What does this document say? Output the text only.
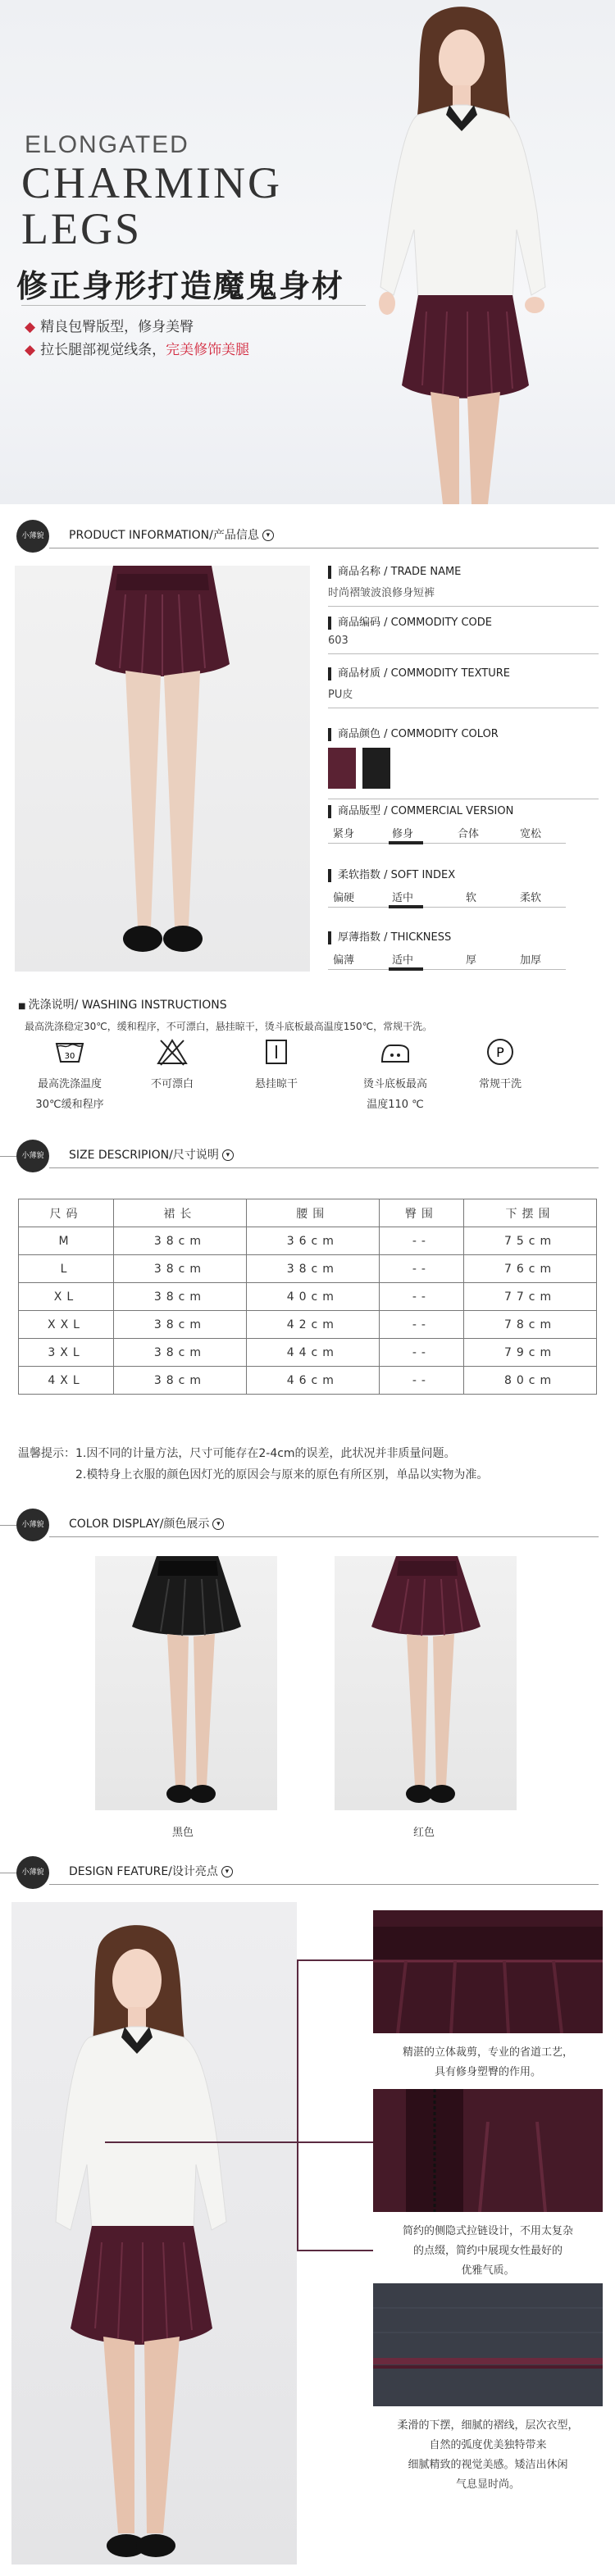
ELONGATED
CHARMING
LEGS
修正身形打造魔鬼身材
◆ 精良包臀版型，修身美臀
◆ 拉长腿部视觉线条，完美修饰美腿
小薄貌	PRODUCT INFORMATION/产品信息 ▾
商品名称 / TRADE NAME
时尚褶皱波浪修身短裤
商品编码 / COMMODITY CODE
603
商品材质 / COMMODITY TEXTURE
PU皮
商品颜色 / COMMODITY COLOR
商品版型 / COMMERCIAL VERSION
紧身	修身	合体	宽松
柔软指数 / SOFT INDEX
偏硬	适中	软	柔软
厚薄指数 / THICKNESS
偏薄	适中	厚	加厚
■ 洗涤说明/ WASHING INSTRUCTIONS
最高洗涤稳定30℃，缓和程序，不可漂白，悬挂晾干，烫斗底板最高温度150℃，常规干洗。
30
最高洗涤温度
30℃缓和程序
不可漂白	悬挂晾干	烫斗底板最高
温度110 ℃
P
常规干洗
小薄貌	SIZE DESCRIPION/尺寸说明 ▾
尺码	裙长	腰围	臀围	下摆围
M	38cm	36cm	--	75cm
L	38cm	38cm	--	76cm
XL	38cm	40cm	--	77cm
XXL	38cm	42cm	--	78cm
3XL	38cm	44cm	--	79cm
4XL	38cm	46cm	--	80cm
温馨提示：1.因不同的计量方法，尺寸可能存在2-4cm的误差，此状况并非质量问题。
2.模特身上衣服的颜色因灯光的原因会与原来的原色有所区别，单品以实物为准。
小薄貌	COLOR DISPLAY/颜色展示 ▾
黑色	红色
小薄貌	DESIGN FEATURE/设计亮点 ▾
精湛的立体裁剪，专业的省道工艺，
具有修身塑臀的作用。
简约的侧隐式拉链设计，不用太复杂
的点缀，简约中展现女性最好的
优雅气质。
柔滑的下摆，细腻的褶线，层次衣型，
自然的弧度优美独特带来
细腻精致的视觉美感。矮洁出休闲
气息显时尚。
